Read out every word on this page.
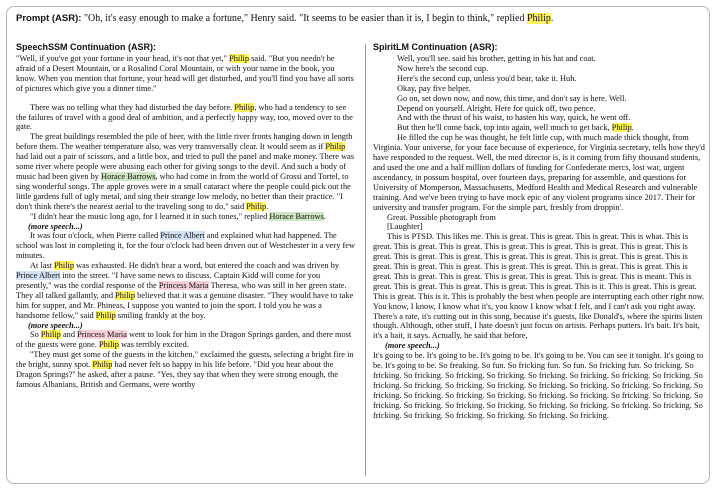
Prompt (ASR): "Oh, it's easy enough to make a fortune," Henry said. "It seems to be easier than it is, I begin to think," replied Philip.
SpeechSSM Continuation (ASR):

"Well, if you've got your fortune in your head, it's not that yet," Philip said. "But you needn't be afraid of a Desert Mountain, or a Rosalind Coral Mountain, or with your name in the book, you know. When you mention that fortune, your head will get disturbed, and you'll find you have all sorts of pictures which give you a dinner time."

There was no telling what they had disturbed the day before. Philip, who had a tendency to see the failures of travel with a good deal of ambition, and a perfectly happy way, too, moved over to the gate.

The great buildings resembled the pile of beer, with the little river fronts hanging down in length before them. The weather temperature also, was very transversally clear. It would seem as if Philip had laid out a pair of scissors, and a little box, and tried to pull the panel and make money. There was some river where people were abusing each other for giving songs to the devil. And such a body of music had been given by Horace Barrows, who had come in from the world of Grossi and Tortel, to sing wonderful songs. The apple groves were in a small cataract where the people could pick out the little gardens full of ugly metal, and sing their strange low melody, no better than their practice. "I don't think there's the nearest aerial to the traveling song to do," said Philip.

"I didn't hear the music long ago, for I learned it in such tones," replied Horace Barrows.

(more speech...)

It was four o'clock, when Pierre called Prince Albert and explained what had happened. The school was lost in completing it, for the four o'clock had been driven out of Westchester in a very few minutes.

At last Philip was exhausted. He didn't hear a word, but entered the coach and was driven by Prince Albert into the street. "I have some news to discuss. Captain Kidd will come for you presently," was the cordial response of the Princess Maria Theresa, who was still in her green state. They all talked gallantly, and Philip believed that it was a genuine disaster. "They would have to take him for supper, and Mr. Phineas, I suppose you wanted to join the sport. I told you he was a handsome fellow," said Philip smiling frankly at the boy.

(more speech...)

So Philip and Princess Maria went to look for him in the Dragon Springs garden, and there most of the guests were gone. Philip was terribly excited.

"They must get some of the guests in the kitchen," exclaimed the guests, selecting a bright fire in the bright, sunny spot. Philip had never felt so happy in his life before. "Did you hear about the Dragon Springs?" he asked, after a pause. "Yes, they say that when they were strong enough, the famous Albanians, British and Germans, were worthy

SpiritLM Continuation (ASR):

Well, you'll see. said his brother, getting in his hat and coat.

Now here's the second cup.

Here's the second cup, unless you'd bear, take it. Huh.

Okay, pay five helper.

Go on, set down now, and now, this time, and don't say is here. Well.

Depend on yourself. Alright. Here for quick off, two pence.

And with the thrust of his waist, to hasten his way, quick, he went off.

But then he'll come back, top into again, well much to get back, Philip.

He filled the cup he was thought, he felt little cup, with much made thick thought, from Virginia. Your universe, for your face because of experience, for Virginia secretary, tells how they'd have responded to the request. Well, the med director is, is it coming from fifty thousand students, and used the one and a half million dollars of funding for Confederate mercs, lost war, urgent ascendancy, in possum hospital, over fourteen days, preparing for assemble, and questions for University of Momperson, Massachusetts, Medford Health and Medical Research and vulnerable training. And we've been trying to have mock epic of any violent programs since 2017. Their for university and transfer program. For the simple part, freshly from droppin'.

Great. Possible photograph from

[Laughter]

This is PTSD. This likes me. This is great. This is great. This is great. This is what. This is great. This is great. This is great. This is great. This is great. This is great. This is great. This is great. This is great. This is great. This is great. This is great. This is great. This is great. This is great. This is great. This is great. This is great. This is great. This is great. This is great. This is great. This is great. This is great. This is great. This is great. This is great. This is meant. This is great. This is great. This is great. This is great. This is great. This is it. This is great. This is great. This is great. This is it. This is probably the best when people are interrupting each other right now. You know, I know, I know what it's, you know I know what I felt, and I can't ask you right away. There's a rate, it's cutting out in this song, because it's guests, like Donald's, where the spirits listen though. Although, other stuff, I hate doesn't just focus on artists. Perhaps putters. It's bait. It's bait, it's a bait, it says. Actually, he said that before,

(more speech...)

It's going to be. It's going to be. It's going to be. It's going to be. You can see it tonight. It's going to be. It's going to be. So freaking. So fun. So fricking fun. So fun. So fricking fun. So fricking. So fricking. So fricking. So fricking. So fricking. So fricking. So fricking. So fricking. So fricking. So fricking. So fricking. So fricking. So fricking. So fricking. So fricking. So fricking. So fricking. So fricking. So fricking. So fricking. So fricking. So fricking. So fricking. So fricking. So fricking. So fricking. So fricking. So fricking. So fricking. So fricking. So fricking. So fricking. So fricking. So fricking. So fricking. So fricking. So fricking. So fricking. So fricking.
